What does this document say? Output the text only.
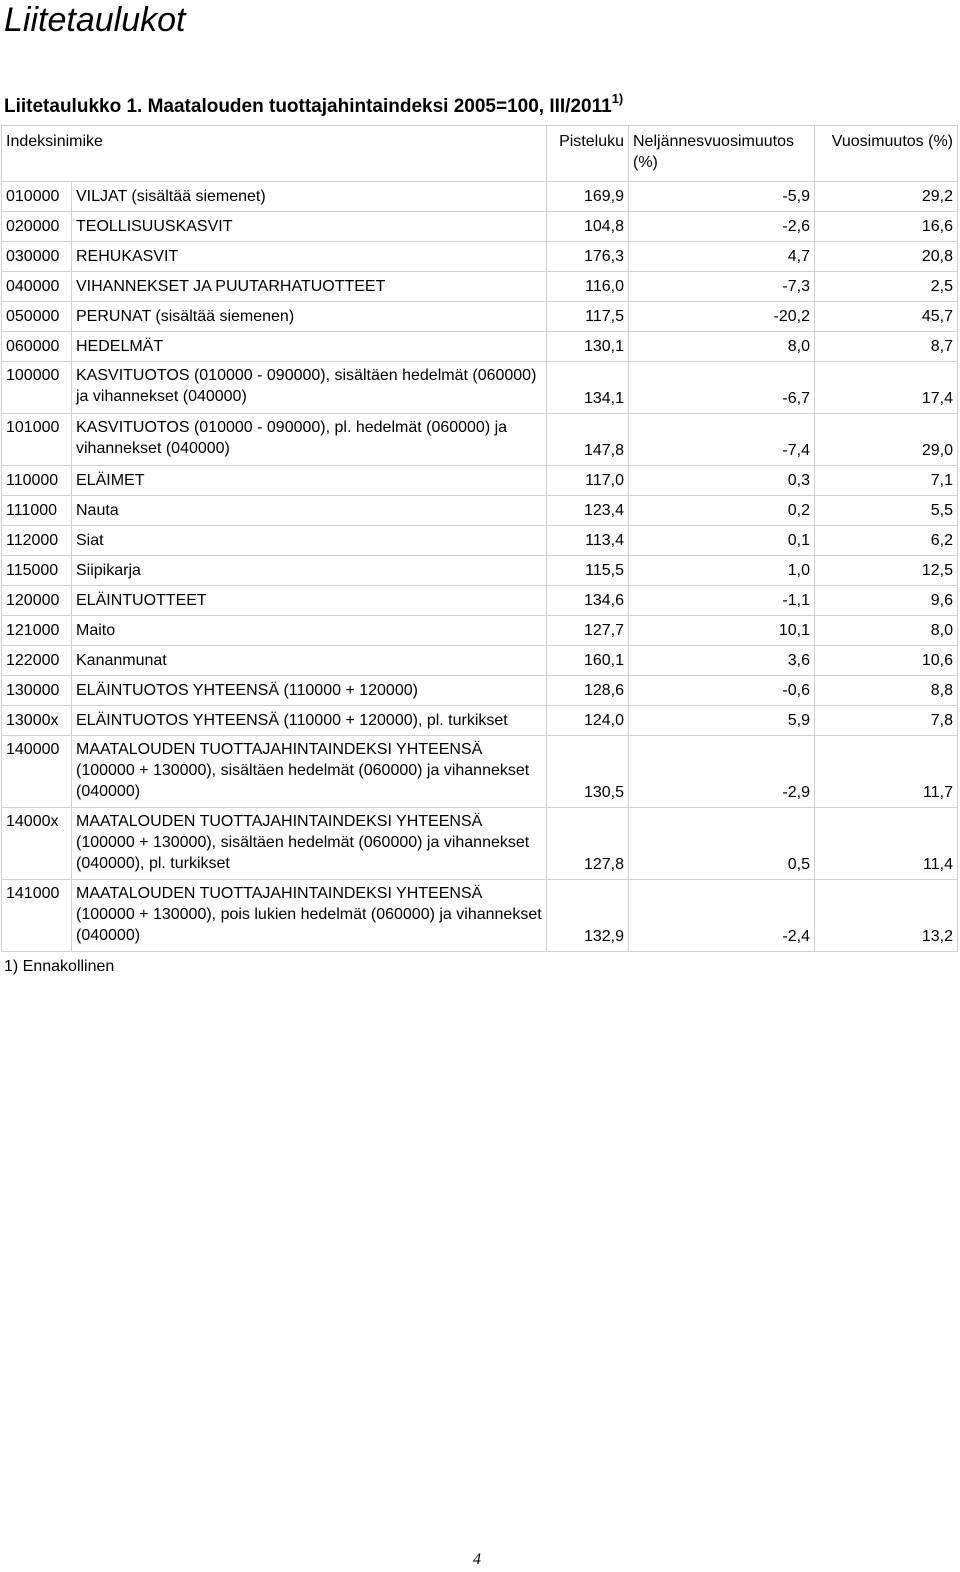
Liitetaulukot
Liitetaulukko 1. Maatalouden tuottajahintaindeksi 2005=100, III/2011$^{1)}$
Indeksinimike		Pisteluku	Neljännesvuosimuutos (%)	Vuosimuutos (%)
010000	VILJAT (sisältää siemenet)	169,9	-5,9	29,2
020000	TEOLLISUUSKASVIT	104,8	-2,6	16,6
030000	REHUKASVIT	176,3	4,7	20,8
040000	VIHANNEKSET JA PUUTARHATUOTTEET	116,0	-7,3	2,5
050000	PERUNAT (sisältää siemenen)	117,5	-20,2	45,7
060000	HEDELMÄT	130,1	8,0	8,7
100000	KASVITUOTOS (010000 - 090000), sisältäen hedelmät (060000) ja vihannekset (040000)	134,1	-6,7	17,4
101000	KASVITUOTOS (010000 - 090000), pl. hedelmät (060000) ja vihannekset (040000)	147,8	-7,4	29,0
110000	ELÄIMET	117,0	0,3	7,1
111000	Nauta	123,4	0,2	5,5
112000	Siat	113,4	0,1	6,2
115000	Siipikarja	115,5	1,0	12,5
120000	ELÄINTUOTTEET	134,6	-1,1	9,6
121000	Maito	127,7	10,1	8,0
122000	Kananmunat	160,1	3,6	10,6
130000	ELÄINTUOTOS YHTEENSÄ (110000 + 120000)	128,6	-0,6	8,8
13000x	ELÄINTUOTOS YHTEENSÄ (110000 + 120000), pl. turkikset	124,0	5,9	7,8
140000	MAATALOUDEN TUOTTAJAHINTAINDEKSI YHTEENSÄ (100000 + 130000), sisältäen hedelmät (060000) ja vihannekset (040000)	130,5	-2,9	11,7
14000x	MAATALOUDEN TUOTTAJAHINTAINDEKSI YHTEENSÄ (100000 + 130000), sisältäen hedelmät (060000) ja vihannekset (040000), pl. turkikset	127,8	0,5	11,4
141000	MAATALOUDEN TUOTTAJAHINTAINDEKSI YHTEENSÄ (100000 + 130000), pois lukien hedelmät (060000) ja vihannekset (040000)	132,9	-2,4	13,2
1) Ennakollinen
4
